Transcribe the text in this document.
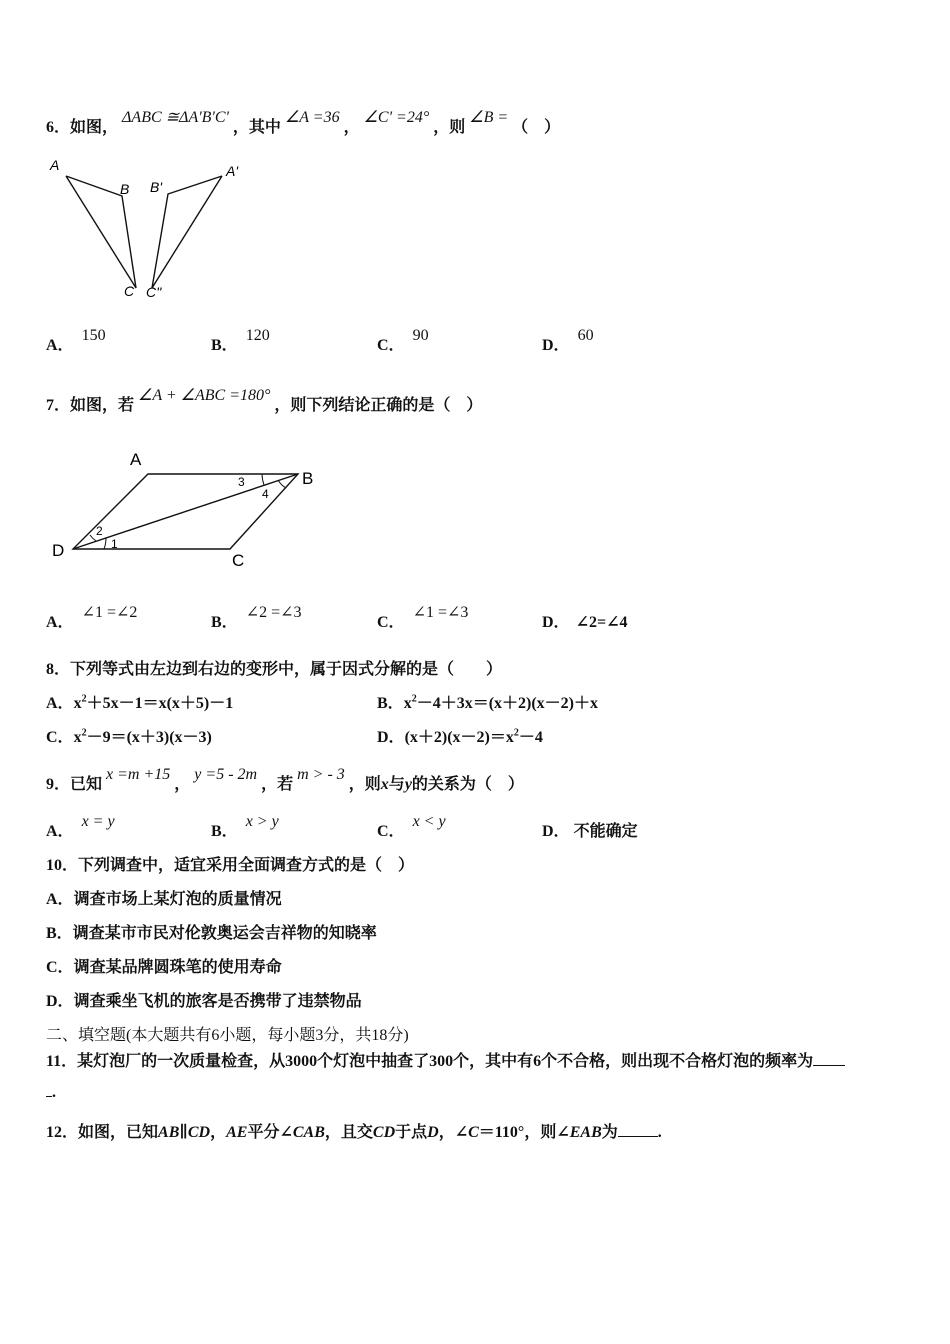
6．如图， ΔABC ≅ΔA'B'C' ，其中 ∠A =36 ， ∠C' =24° ，则 ∠B = （　）
A
B B'
A'
C C''
A．150
B．120
C．90
D．60
7．如图，若 ∠A + ∠ABC =180° ，则下列结论正确的是（　）
A
B
C
D	1
2
3
4
A．∠1 =∠2
B．∠2 =∠3
C．∠1 =∠3
D． ∠2=∠4
8．下列等式由左边到右边的变形中，属于因式分解的是（　　）
A．$x^2+5x-1=x(x+5)-1$	B．$x^2-4+3x=(x+2)(x-2)+x$
C．$x^2-9=(x+3)(x-3)$	D．$(x+2)(x-2)=x^2-4$
9．已知 x =m +15 ， y =5 - 2m ，若 m > - 3 ，则x与y的关系为（　）
A．x = y
B．x > y
C．x < y
D． 不能确定
10．下列调查中，适宜采用全面调查方式的是（　）
A．调查市场上某灯泡的质量情况
B．调查某市市民对伦敦奥运会吉祥物的知晓率
C．调查某品牌圆珠笔的使用寿命
D．调查乘坐飞机的旅客是否携带了违禁物品
二、填空题(本大题共有6小题，每小题3分，共18分)
11．某灯泡厂的一次质量检查，从3000个灯泡中抽查了300个，其中有6个不合格，则出现不合格灯泡的频率为
.
12．如图，已知AB∥CD，AE平分∠CAB，且交CD于点D，∠C＝110°，则∠EAB为	.
